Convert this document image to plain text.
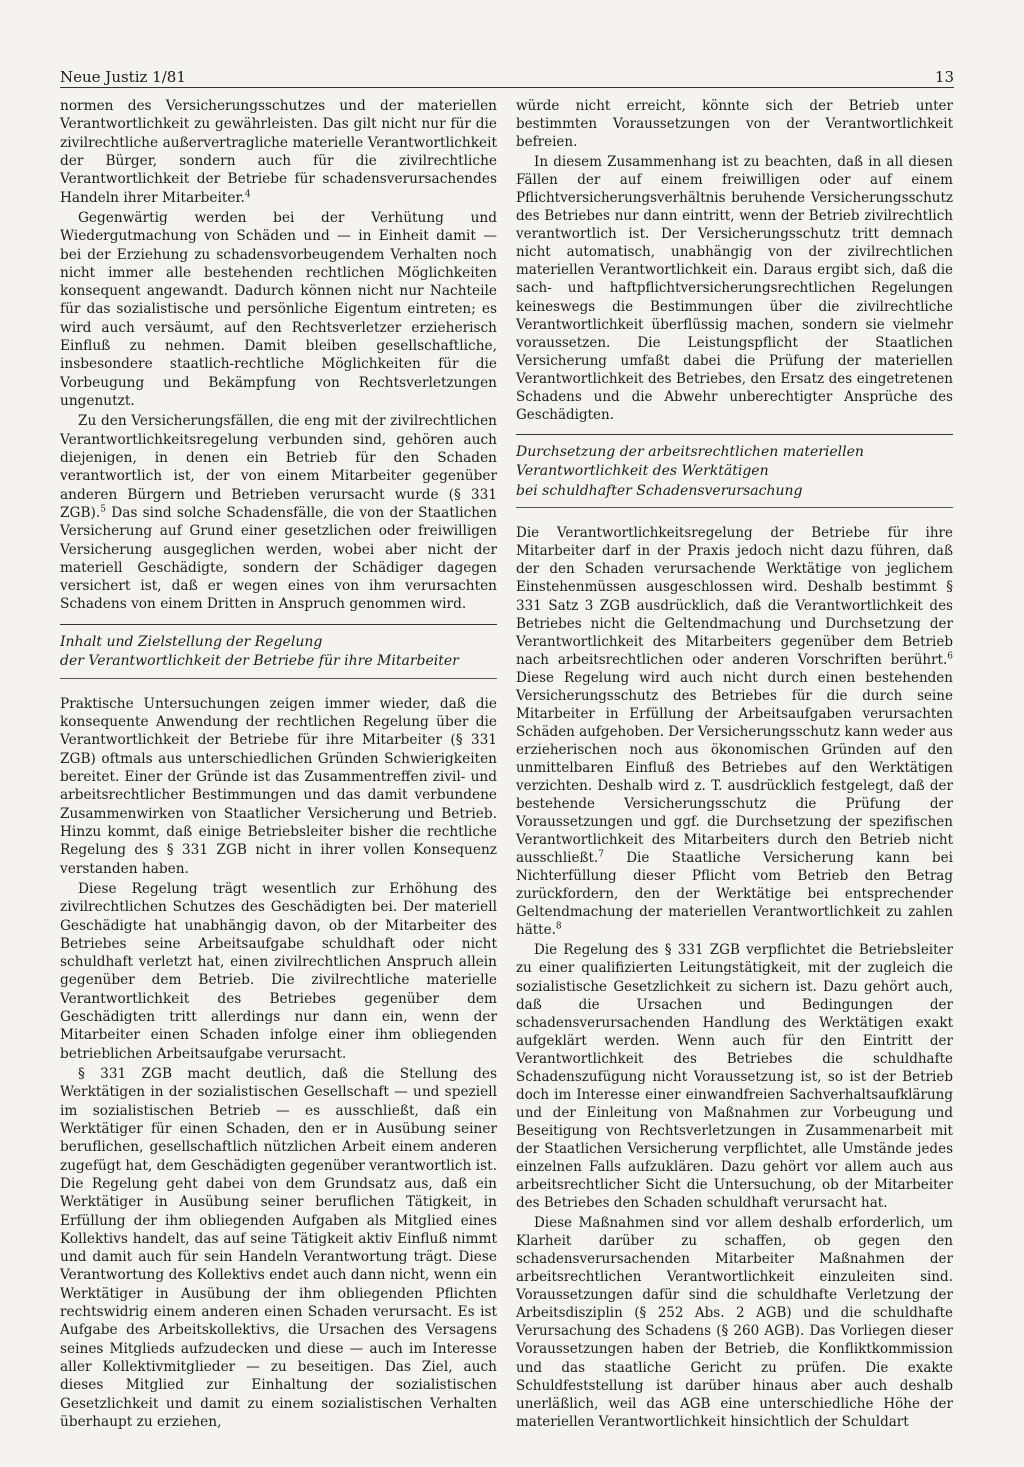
Neue Justiz 1/81	13

normen des Versicherungsschutzes und der materiellen Verantwortlichkeit zu gewährleisten. Das gilt nicht nur für die zivilrechtliche außervertragliche materielle Verantwortlichkeit der Bürger, sondern auch für die zivilrechtliche Verantwortlichkeit der Betriebe für schadensverursachendes Handeln ihrer Mitarbeiter.$^4$

Gegenwärtig werden bei der Verhütung und Wiedergutmachung von Schäden und — in Einheit damit — bei der Erziehung zu schadensvorbeugendem Verhalten noch nicht immer alle bestehenden rechtlichen Möglichkeiten konsequent angewandt. Dadurch können nicht nur Nachteile für das sozialistische und persönliche Eigentum eintreten; es wird auch versäumt, auf den Rechtsverletzer erzieherisch Einfluß zu nehmen. Damit bleiben gesellschaftliche, insbesondere staatlich-rechtliche Möglichkeiten für die Vorbeugung und Bekämpfung von Rechtsverletzungen ungenutzt.

Zu den Versicherungsfällen, die eng mit der zivilrechtlichen Verantwortlichkeitsregelung verbunden sind, gehören auch diejenigen, in denen ein Betrieb für den Schaden verantwortlich ist, der von einem Mitarbeiter gegenüber anderen Bürgern und Betrieben verursacht wurde (§ 331 ZGB).$^5$ Das sind solche Schadensfälle, die von der Staatlichen Versicherung auf Grund einer gesetzlichen oder freiwilligen Versicherung ausgeglichen werden, wobei aber nicht der materiell Geschädigte, sondern der Schädiger dagegen versichert ist, daß er wegen eines von ihm verursachten Schadens von einem Dritten in Anspruch genommen wird.

Inhalt und Zielstellung der Regelung
der Verantwortlichkeit der Betriebe für ihre Mitarbeiter

Praktische Untersuchungen zeigen immer wieder, daß die konsequente Anwendung der rechtlichen Regelung über die Verantwortlichkeit der Betriebe für ihre Mitarbeiter (§ 331 ZGB) oftmals aus unterschiedlichen Gründen Schwierigkeiten bereitet. Einer der Gründe ist das Zusammentreffen zivil- und arbeitsrechtlicher Bestimmungen und das damit verbundene Zusammenwirken von Staatlicher Versicherung und Betrieb. Hinzu kommt, daß einige Betriebsleiter bisher die rechtliche Regelung des § 331 ZGB nicht in ihrer vollen Konsequenz verstanden haben.

Diese Regelung trägt wesentlich zur Erhöhung des zivilrechtlichen Schutzes des Geschädigten bei. Der materiell Geschädigte hat unabhängig davon, ob der Mitarbeiter des Betriebes seine Arbeitsaufgabe schuldhaft oder nicht schuldhaft verletzt hat, einen zivilrechtlichen Anspruch allein gegenüber dem Betrieb. Die zivilrechtliche materielle Verantwortlichkeit des Betriebes gegenüber dem Geschädigten tritt allerdings nur dann ein, wenn der Mitarbeiter einen Schaden infolge einer ihm obliegenden betrieblichen Arbeitsaufgabe verursacht.

§ 331 ZGB macht deutlich, daß die Stellung des Werktätigen in der sozialistischen Gesellschaft — und speziell im sozialistischen Betrieb — es ausschließt, daß ein Werktätiger für einen Schaden, den er in Ausübung seiner beruflichen, gesellschaftlich nützlichen Arbeit einem anderen zugefügt hat, dem Geschädigten gegenüber verantwortlich ist. Die Regelung geht dabei von dem Grundsatz aus, daß ein Werktätiger in Ausübung seiner beruflichen Tätigkeit, in Erfüllung der ihm obliegenden Aufgaben als Mitglied eines Kollektivs handelt, das auf seine Tätigkeit aktiv Einfluß nimmt und damit auch für sein Handeln Verantwortung trägt. Diese Verantwortung des Kollektivs endet auch dann nicht, wenn ein Werktätiger in Ausübung der ihm obliegenden Pflichten rechtswidrig einem anderen einen Schaden verursacht. Es ist Aufgabe des Arbeitskollektivs, die Ursachen des Versagens seines Mitglieds aufzudecken und diese — auch im Interesse aller Kollektivmitglieder — zu beseitigen. Das Ziel, auch dieses Mitglied zur Einhaltung der sozialistischen Gesetzlichkeit und damit zu einem sozialistischen Verhalten überhaupt zu erziehen,

würde nicht erreicht, könnte sich der Betrieb unter bestimmten Voraussetzungen von der Verantwortlichkeit befreien.

In diesem Zusammenhang ist zu beachten, daß in all diesen Fällen der auf einem freiwilligen oder auf einem Pflichtversicherungsverhältnis beruhende Versicherungsschutz des Betriebes nur dann eintritt, wenn der Betrieb zivilrechtlich verantwortlich ist. Der Versicherungsschutz tritt demnach nicht automatisch, unabhängig von der zivilrechtlichen materiellen Verantwortlichkeit ein. Daraus ergibt sich, daß die sach- und haftpflichtversicherungsrechtlichen Regelungen keineswegs die Bestimmungen über die zivilrechtliche Verantwortlichkeit überflüssig machen, sondern sie vielmehr voraussetzen. Die Leistungspflicht der Staatlichen Versicherung umfaßt dabei die Prüfung der materiellen Verantwortlichkeit des Betriebes, den Ersatz des eingetretenen Schadens und die Abwehr unberechtigter Ansprüche des Geschädigten.

Durchsetzung der arbeitsrechtlichen materiellen
Verantwortlichkeit des Werktätigen
bei schuldhafter Schadensverursachung

Die Verantwortlichkeitsregelung der Betriebe für ihre Mitarbeiter darf in der Praxis jedoch nicht dazu führen, daß der den Schaden verursachende Werktätige von jeglichem Einstehenmüssen ausgeschlossen wird. Deshalb bestimmt § 331 Satz 3 ZGB ausdrücklich, daß die Verantwortlichkeit des Betriebes nicht die Geltendmachung und Durchsetzung der Verantwortlichkeit des Mitarbeiters gegenüber dem Betrieb nach arbeitsrechtlichen oder anderen Vorschriften berührt.$^6$ Diese Regelung wird auch nicht durch einen bestehenden Versicherungsschutz des Betriebes für die durch seine Mitarbeiter in Erfüllung der Arbeitsaufgaben verursachten Schäden aufgehoben. Der Versicherungsschutz kann weder aus erzieherischen noch aus ökonomischen Gründen auf den unmittelbaren Einfluß des Betriebes auf den Werktätigen verzichten. Deshalb wird z. T. ausdrücklich festgelegt, daß der bestehende Versicherungsschutz die Prüfung der Voraussetzungen und ggf. die Durchsetzung der spezifischen Verantwortlichkeit des Mitarbeiters durch den Betrieb nicht ausschließt.$^7$ Die Staatliche Versicherung kann bei Nichterfüllung dieser Pflicht vom Betrieb den Betrag zurückfordern, den der Werktätige bei entsprechender Geltendmachung der materiellen Verantwortlichkeit zu zahlen hätte.$^8$

Die Regelung des § 331 ZGB verpflichtet die Betriebsleiter zu einer qualifizierten Leitungstätigkeit, mit der zugleich die sozialistische Gesetzlichkeit zu sichern ist. Dazu gehört auch, daß die Ursachen und Bedingungen der schadensverursachenden Handlung des Werktätigen exakt aufgeklärt werden. Wenn auch für den Eintritt der Verantwortlichkeit des Betriebes die schuldhafte Schadenszufügung nicht Voraussetzung ist, so ist der Betrieb doch im Interesse einer einwandfreien Sachverhaltsaufklärung und der Einleitung von Maßnahmen zur Vorbeugung und Beseitigung von Rechtsverletzungen in Zusammenarbeit mit der Staatlichen Versicherung verpflichtet, alle Umstände jedes einzelnen Falls aufzuklären. Dazu gehört vor allem auch aus arbeitsrechtlicher Sicht die Untersuchung, ob der Mitarbeiter des Betriebes den Schaden schuldhaft verursacht hat.

Diese Maßnahmen sind vor allem deshalb erforderlich, um Klarheit darüber zu schaffen, ob gegen den schadensverursachenden Mitarbeiter Maßnahmen der arbeitsrechtlichen Verantwortlichkeit einzuleiten sind. Voraussetzungen dafür sind die schuldhafte Verletzung der Arbeitsdisziplin (§ 252 Abs. 2 AGB) und die schuldhafte Verursachung des Schadens (§ 260 AGB). Das Vorliegen dieser Voraussetzungen haben der Betrieb, die Konfliktkommission und das staatliche Gericht zu prüfen. Die exakte Schuldfeststellung ist darüber hinaus aber auch deshalb unerläßlich, weil das AGB eine unterschiedliche Höhe der materiellen Verantwortlichkeit hinsichtlich der Schuldart
